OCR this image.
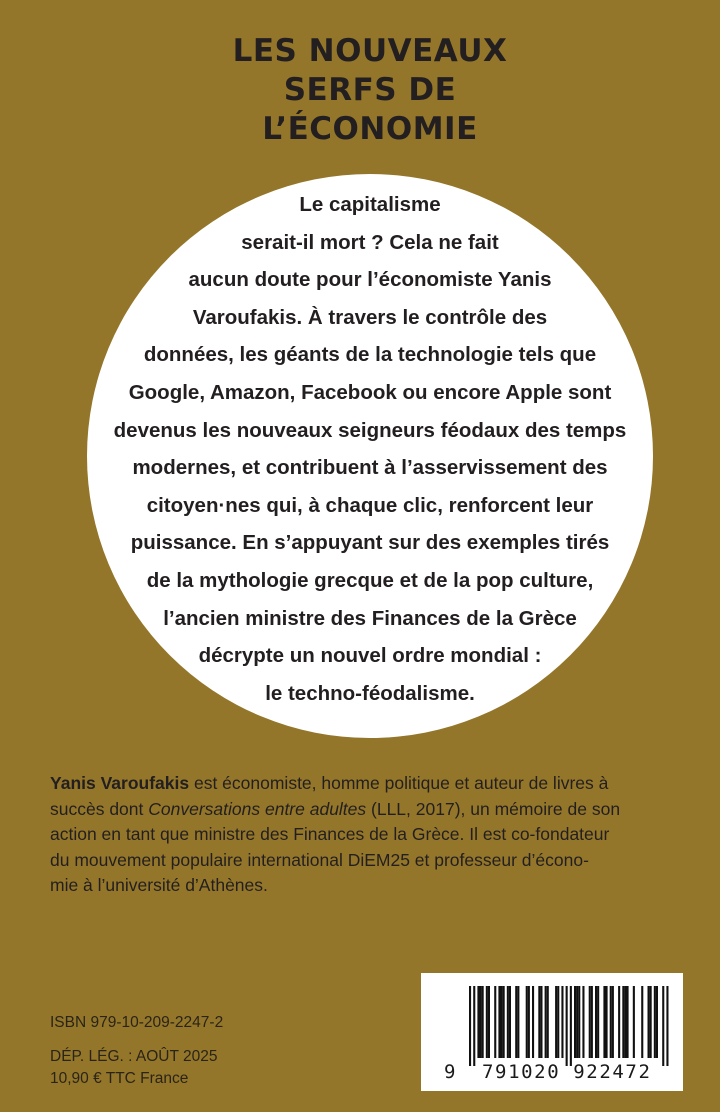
LES NOUVEAUX
SERFS DE
L’ÉCONOMIE
Le capitalisme
serait-il mort ? Cela ne fait
aucun doute pour l’économiste Yanis
Varoufakis. À travers le contrôle des
données, les géants de la technologie tels que
Google, Amazon, Facebook ou encore Apple sont
devenus les nouveaux seigneurs féodaux des temps
modernes, et contribuent à l’asservissement des
citoyen·nes qui, à chaque clic, renforcent leur
puissance. En s’appuyant sur des exemples tirés
de la mythologie grecque et de la pop culture,
l’ancien ministre des Finances de la Grèce
décrypte un nouvel ordre mondial :
le techno-féodalisme.
Yanis Varoufakis est économiste, homme politique et auteur de livres à
succès dont Conversations entre adultes (LLL, 2017), un mémoire de son
action en tant que ministre des Finances de la Grèce. Il est co-fondateur
du mouvement populaire international DiEM25 et professeur d’écono-
mie à l’université d’Athènes.
ISBN 979-10-209-2247-2
DÉP. LÉG. : AOÛT 2025
10,90 € TTC France	9 791020 922472
